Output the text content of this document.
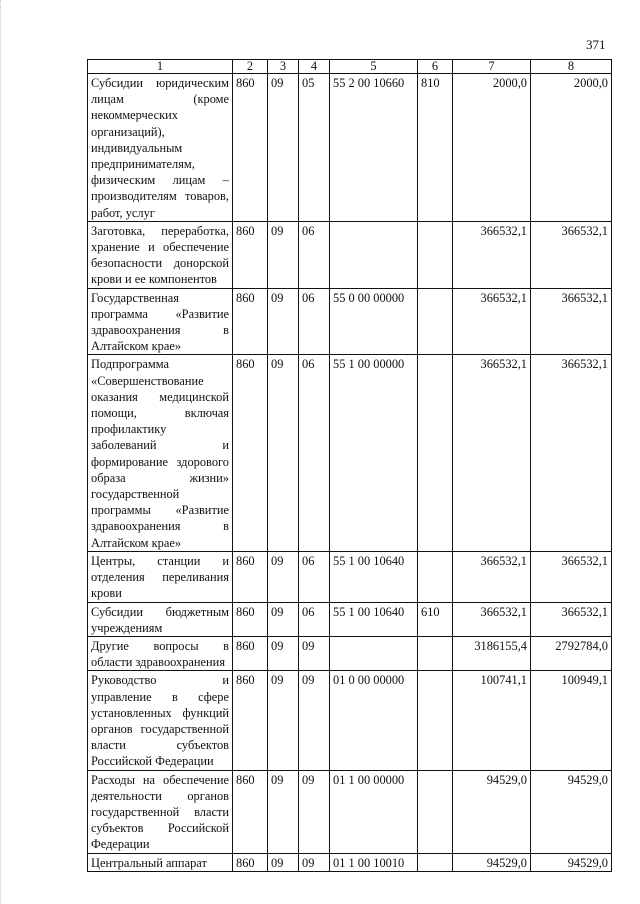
371
1	2	3	4	5	6	7	8
Субсидии юридическим лицам (кроме некоммерческих организаций), индивидуальным предпринимателям, физическим лицам – производителям товаров, работ, услуг	860	09	05	55 2 00 10660	810	2000,0	2000,0
Заготовка, переработка, хранение и обеспечение безопасности донорской крови и ее компонентов	860	09	06			366532,1	366532,1
Государственная программа «Развитие здравоохранения в Алтайском крае»	860	09	06	55 0 00 00000		366532,1	366532,1
Подпрограмма «Совершенствование оказания медицинской помощи, включая профилактику заболеваний и формирование здорового образа жизни» государственной программы «Развитие здравоохранения в Алтайском крае»	860	09	06	55 1 00 00000		366532,1	366532,1
Центры, станции и отделения переливания крови	860	09	06	55 1 00 10640		366532,1	366532,1
Субсидии бюджетным учреждениям	860	09	06	55 1 00 10640	610	366532,1	366532,1
Другие вопросы в области здравоохранения	860	09	09			3186155,4	2792784,0
Руководство и управление в сфере установленных функций органов государственной власти субъектов Российской Федерации	860	09	09	01 0 00 00000		100741,1	100949,1
Расходы на обеспечение деятельности органов государственной власти субъектов Российской Федерации	860	09	09	01 1 00 00000		94529,0	94529,0
Центральный аппарат	860	09	09	01 1 00 10010		94529,0	94529,0
